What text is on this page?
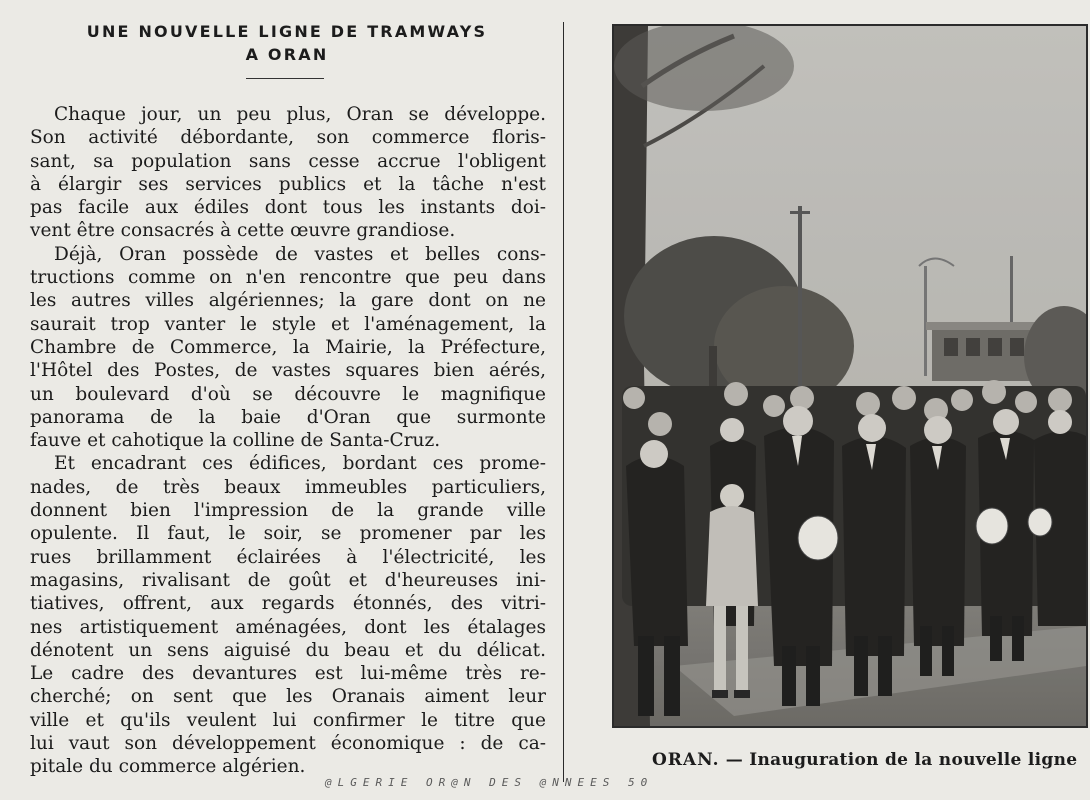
UNE NOUVELLE LIGNE DE TRAMWAYS
A ORAN
Chaque jour, un peu plus, Oran se développe.
Son activité débordante, son commerce floris-
sant, sa population sans cesse accrue l'obligent
à élargir ses services publics et la tâche n'est
pas facile aux édiles dont tous les instants doi-
vent être consacrés à cette œuvre grandiose.
Déjà, Oran possède de vastes et belles cons-
tructions comme on n'en rencontre que peu dans
les autres villes algériennes; la gare dont on ne
saurait trop vanter le style et l'aménagement, la
Chambre de Commerce, la Mairie, la Préfecture,
l'Hôtel des Postes, de vastes squares bien aérés,
un boulevard d'où se découvre le magnifique
panorama de la baie d'Oran que surmonte
fauve et cahotique la colline de Santa-Cruz.
Et encadrant ces édifices, bordant ces prome-
nades, de très beaux immeubles particuliers,
donnent bien l'impression de la grande ville
opulente. Il faut, le soir, se promener par les
rues brillamment éclairées à l'électricité, les
magasins, rivalisant de goût et d'heureuses ini-
tiatives, offrent, aux regards étonnés, des vitri-
nes artistiquement aménagées, dont les étalages
dénotent un sens aiguisé du beau et du délicat.
Le cadre des devantures est lui-même très re-
cherché; on sent que les Oranais aiment leur
ville et qu'ils veulent lui confirmer le titre que
lui vaut son développement économique : de ca-
pitale du commerce algérien.	ORAN. — Inauguration de la nouvelle ligne
@LGERIE OR@N DES @NNEES 50
